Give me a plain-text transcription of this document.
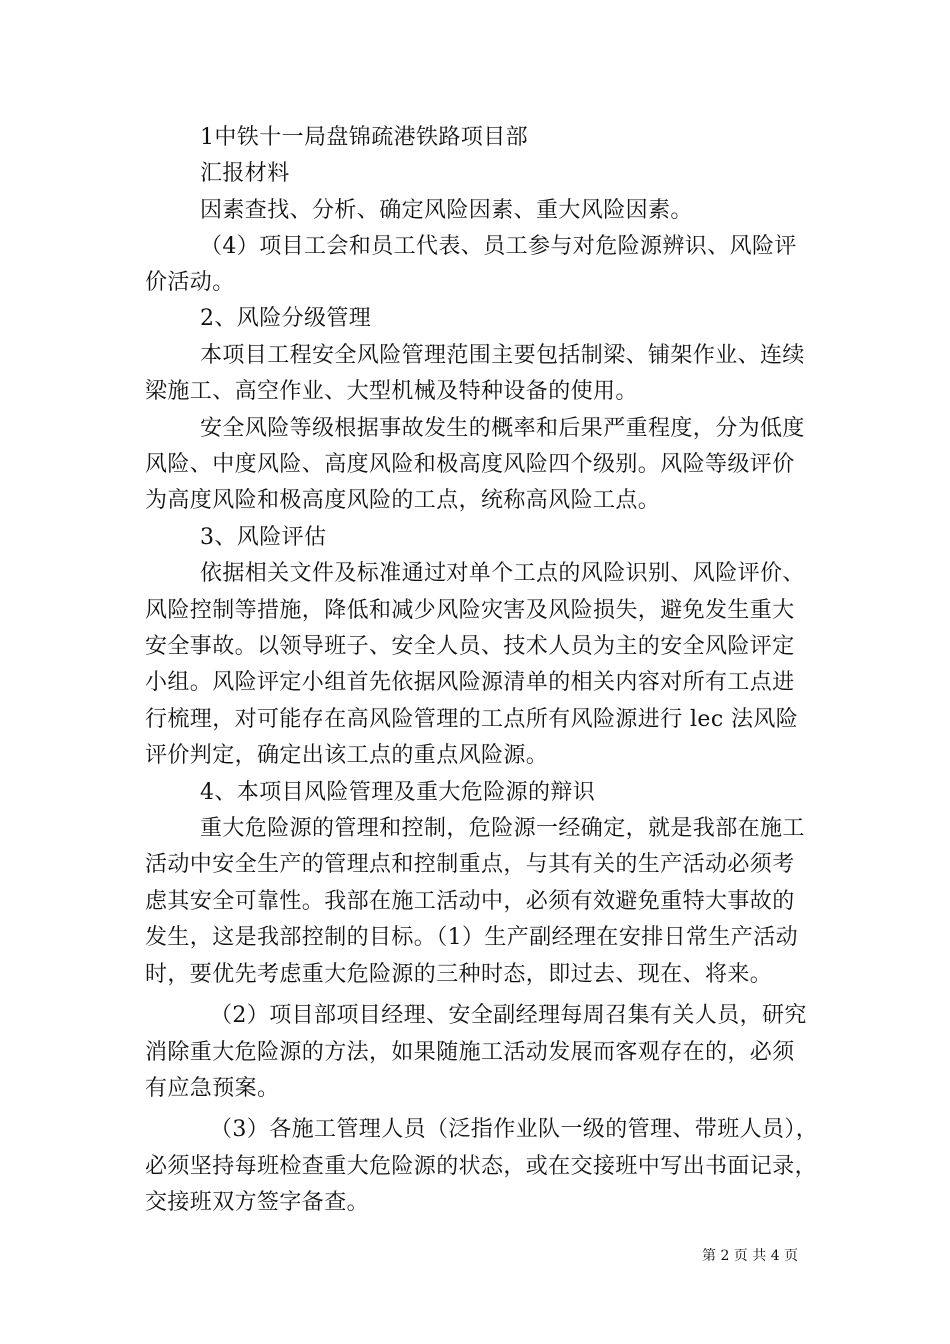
1中铁十一局盘锦疏港铁路项目部
汇报材料
因素查找、分析、确定风险因素、重大风险因素。
（4）项目工会和员工代表、员工参与对危险源辨识、风险评
价活动。
2、风险分级管理
本项目工程安全风险管理范围主要包括制梁、铺架作业、连续
梁施工、高空作业、大型机械及特种设备的使用。
安全风险等级根据事故发生的概率和后果严重程度，分为低度
风险、中度风险、高度风险和极高度风险四个级别。风险等级评价
为高度风险和极高度风险的工点，统称高风险工点。
3、风险评估
依据相关文件及标准通过对单个工点的风险识别、风险评价、
风险控制等措施，降低和减少风险灾害及风险损失，避免发生重大
安全事故。以领导班子、安全人员、技术人员为主的安全风险评定
小组。风险评定小组首先依据风险源清单的相关内容对所有工点进
行梳理，对可能存在高风险管理的工点所有风险源进行 lec 法风险
评价判定，确定出该工点的重点风险源。
4、本项目风险管理及重大危险源的辩识
重大危险源的管理和控制，危险源一经确定，就是我部在施工
活动中安全生产的管理点和控制重点，与其有关的生产活动必须考
虑其安全可靠性。我部在施工活动中，必须有效避免重特大事故的
发生，这是我部控制的目标。（1）生产副经理在安排日常生产活动
时，要优先考虑重大危险源的三种时态，即过去、现在、将来。
（2）项目部项目经理、安全副经理每周召集有关人员，研究
消除重大危险源的方法，如果随施工活动发展而客观存在的，必须
有应急预案。
（3）各施工管理人员（泛指作业队一级的管理、带班人员），
必须坚持每班检查重大危险源的状态，或在交接班中写出书面记录，
交接班双方签字备查。
第 2 页 共 4 页
